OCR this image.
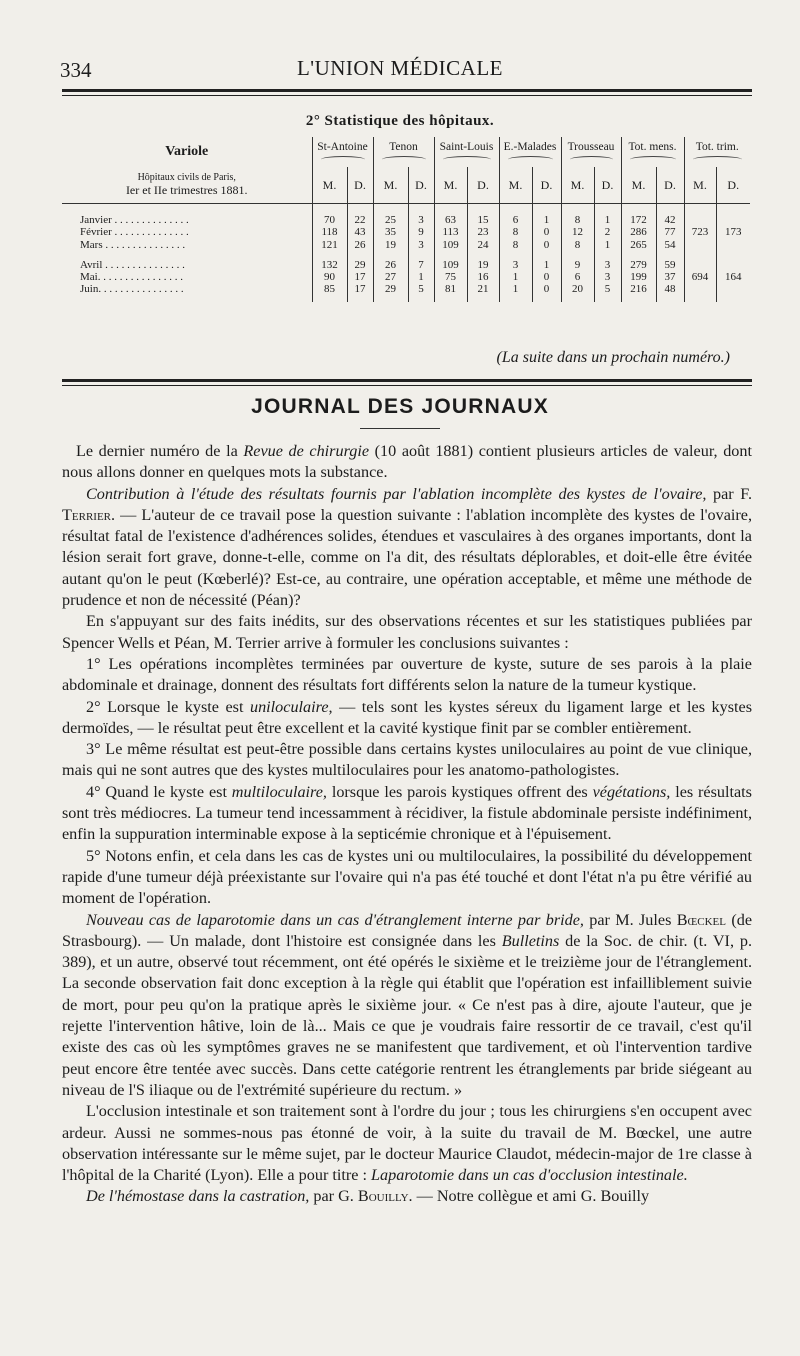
334	L'UNION MÉDICALE
2° Statistique des hôpitaux.
Variole	St-Antoine		Tenon		Saint-Louis		E.-Malades		Trousseau		Tot. mens.		Tot. trim.	

Hôpitaux civils de Paris,
Ier et IIe trimestres 1881.	M.	D.	M.	D.	M.	D.	M.	D.	M.	D.	M.	D.	M.	D.

Janvier . . . . . . . . . . . . . .	70	22	25	3	63	15	6	1	8	1	172	42	723	173
Février . . . . . . . . . . . . . .	118	43	35	9	113	23	8	0	12	2	286	77		
Mars . . . . . . . . . . . . . . .	121	26	19	3	109	24	8	0	8	1	265	54		

Avril . . . . . . . . . . . . . . .	132	29	26	7	109	19	3	1	9	3	279	59	694	164
Mai. . . . . . . . . . . . . . . .	90	17	27	1	75	16	1	0	6	3	199	37		
Juin. . . . . . . . . . . . . . . .	85	17	29	5	81	21	1	0	20	5	216	48		

(La suite dans un prochain numéro.)
JOURNAL DES JOURNAUX

Le dernier numéro de la Revue de chirurgie (10 août 1881) contient plusieurs articles de valeur, dont nous allons donner en quelques mots la substance.

Contribution à l'étude des résultats fournis par l'ablation incomplète des kystes de l'ovaire, par F. Terrier. — L'auteur de ce travail pose la question suivante : l'ablation incomplète des kystes de l'ovaire, résultat fatal de l'existence d'adhérences solides, étendues et vasculaires à des organes importants, dont la lésion serait fort grave, donne-t-elle, comme on l'a dit, des résultats déplorables, et doit-elle être évitée autant qu'on le peut (Kœberlé)? Est-ce, au contraire, une opération acceptable, et même une méthode de prudence et non de nécessité (Péan)?

En s'appuyant sur des faits inédits, sur des observations récentes et sur les statistiques publiées par Spencer Wells et Péan, M. Terrier arrive à formuler les conclusions suivantes :

1° Les opérations incomplètes terminées par ouverture de kyste, suture de ses parois à la plaie abdominale et drainage, donnent des résultats fort différents selon la nature de la tumeur kystique.

2° Lorsque le kyste est uniloculaire, — tels sont les kystes séreux du ligament large et les kystes dermoïdes, — le résultat peut être excellent et la cavité kystique finit par se combler entièrement.

3° Le même résultat est peut-être possible dans certains kystes uniloculaires au point de vue clinique, mais qui ne sont autres que des kystes multiloculaires pour les anatomo-pathologistes.

4° Quand le kyste est multiloculaire, lorsque les parois kystiques offrent des végétations, les résultats sont très médiocres. La tumeur tend incessamment à récidiver, la fistule abdominale persiste indéfiniment, enfin la suppuration interminable expose à la septicémie chronique et à l'épuisement.

5° Notons enfin, et cela dans les cas de kystes uni ou multiloculaires, la possibilité du développement rapide d'une tumeur déjà préexistante sur l'ovaire qui n'a pas été touché et dont l'état n'a pu être vérifié au moment de l'opération.

Nouveau cas de laparotomie dans un cas d'étranglement interne par bride, par M. Jules Bœckel (de Strasbourg). — Un malade, dont l'histoire est consignée dans les Bulletins de la Soc. de chir. (t. VI, p. 389), et un autre, observé tout récemment, ont été opérés le sixième et le treizième jour de l'étranglement. La seconde observation fait donc exception à la règle qui établit que l'opération est infailliblement suivie de mort, pour peu qu'on la pratique après le sixième jour. « Ce n'est pas à dire, ajoute l'auteur, que je rejette l'intervention hâtive, loin de là... Mais ce que je voudrais faire ressortir de ce travail, c'est qu'il existe des cas où les symptômes graves ne se manifestent que tardivement, et où l'intervention tardive peut encore être tentée avec succès. Dans cette catégorie rentrent les étranglements par bride siégeant au niveau de l'S iliaque ou de l'extrémité supérieure du rectum. »

L'occlusion intestinale et son traitement sont à l'ordre du jour ; tous les chirurgiens s'en occupent avec ardeur. Aussi ne sommes-nous pas étonné de voir, à la suite du travail de M. Bœckel, une autre observation intéressante sur le même sujet, par le docteur Maurice Claudot, médecin-major de 1re classe à l'hôpital de la Charité (Lyon). Elle a pour titre : Laparotomie dans un cas d'occlusion intestinale.

De l'hémostase dans la castration, par G. Bouilly. — Notre collègue et ami G. Bouilly
